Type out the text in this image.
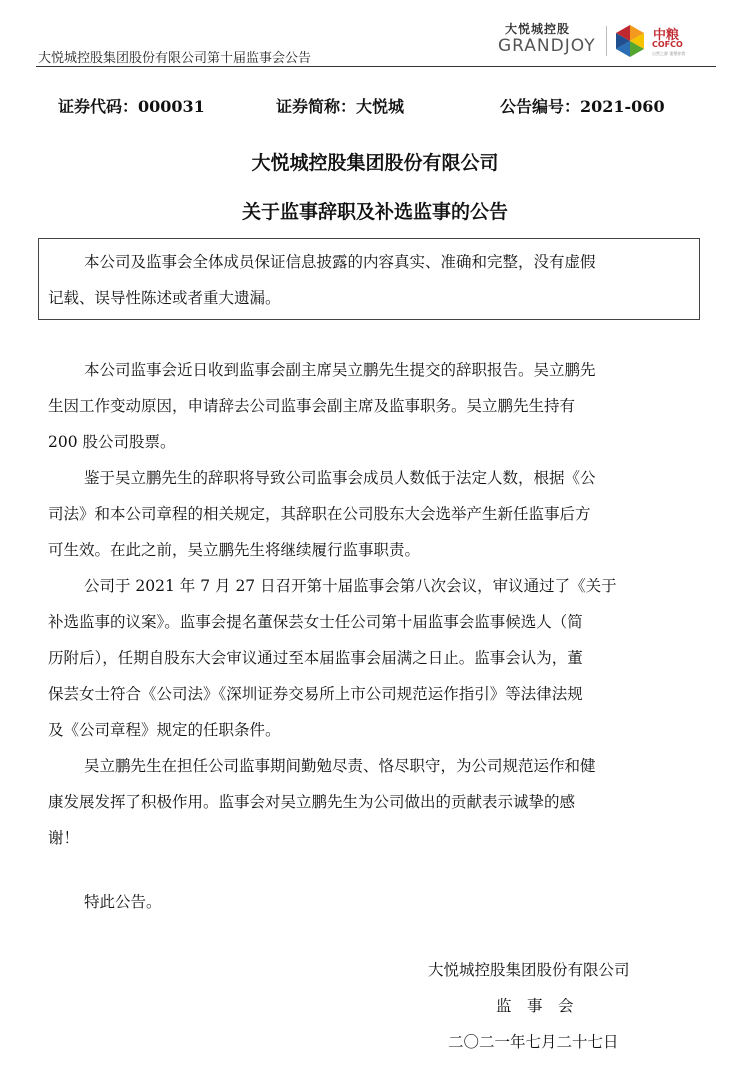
大悦城控股集团股份有限公司第十届监事会公告
大悦城控股
GRANDJOY
中粮
COFCO
自然之源 重塑你我
证券代码：000031	证券简称：大悦城	公告编号：2021-060
大悦城控股集团股份有限公司
关于监事辞职及补选监事的公告
本公司及监事会全体成员保证信息披露的内容真实、准确和完整，没有虚假
记载、误导性陈述或者重大遗漏。
本公司监事会近日收到监事会副主席吴立鹏先生提交的辞职报告。吴立鹏先
生因工作变动原因，申请辞去公司监事会副主席及监事职务。吴立鹏先生持有
200 股公司股票。
鉴于吴立鹏先生的辞职将导致公司监事会成员人数低于法定人数，根据《公
司法》和本公司章程的相关规定，其辞职在公司股东大会选举产生新任监事后方
可生效。在此之前，吴立鹏先生将继续履行监事职责。
公司于 2021 年 7 月 27 日召开第十届监事会第八次会议，审议通过了《关于
补选监事的议案》。监事会提名董保芸女士任公司第十届监事会监事候选人（简
历附后），任期自股东大会审议通过至本届监事会届满之日止。监事会认为，董
保芸女士符合《公司法》《深圳证券交易所上市公司规范运作指引》等法律法规
及《公司章程》规定的任职条件。
吴立鹏先生在担任公司监事期间勤勉尽责、恪尽职守，为公司规范运作和健
康发展发挥了积极作用。监事会对吴立鹏先生为公司做出的贡献表示诚挚的感
谢！
特此公告。
大悦城控股集团股份有限公司
监　事　会
二〇二一年七月二十七日
